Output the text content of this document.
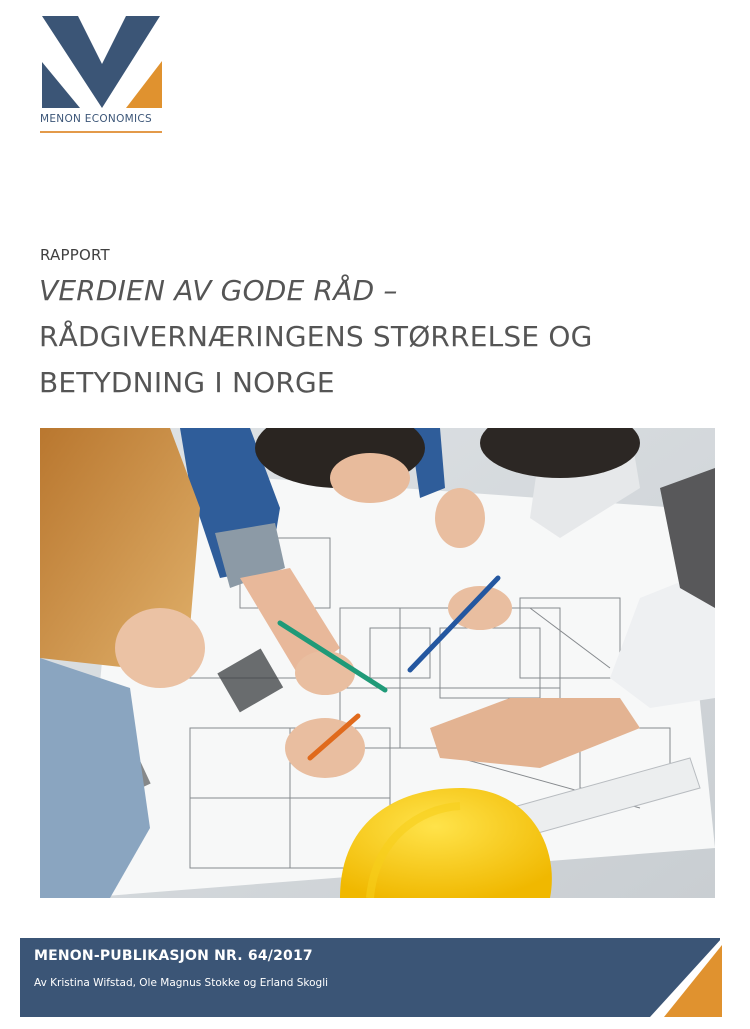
MENON ECONOMICS
RAPPORT
VERDIEN AV GODE RÅD –
RÅDGIVERNÆRINGENS STØRRELSE OG
BETYDNING I NORGE
MENON-PUBLIKASJON NR. 64/2017
Av Kristina Wifstad, Ole Magnus Stokke og Erland Skogli
